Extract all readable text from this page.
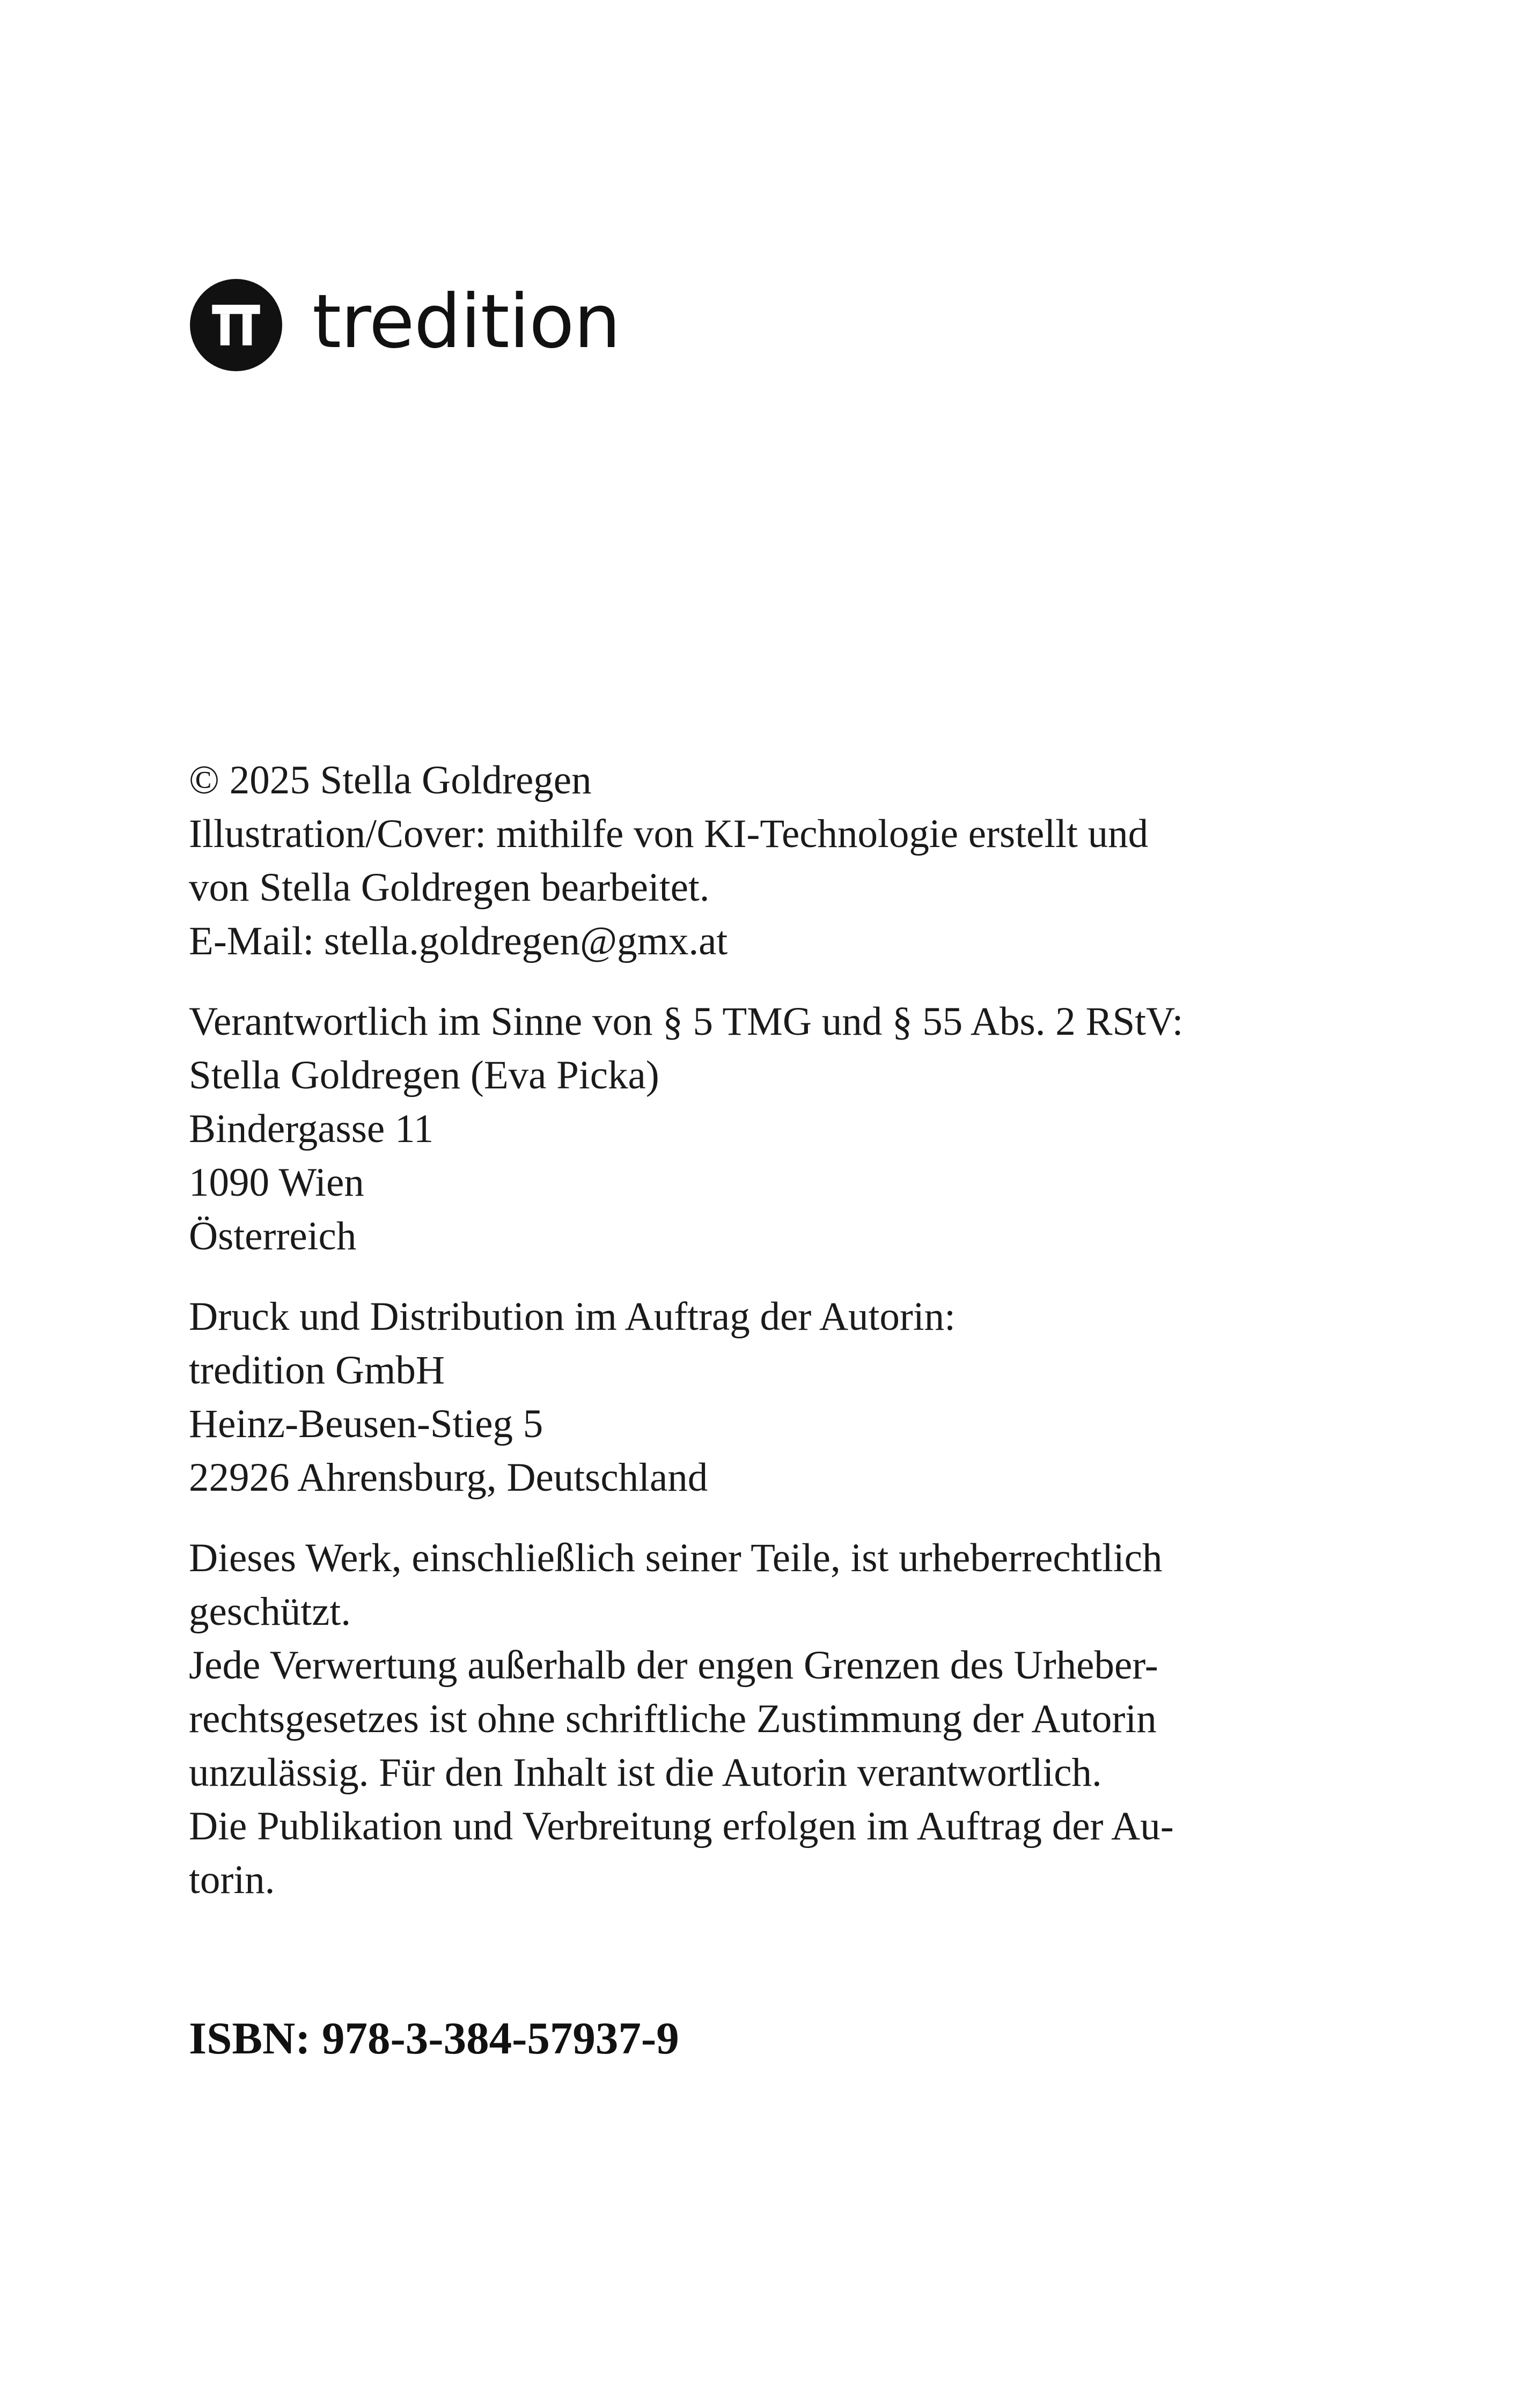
tredition
© 2025 Stella Goldregen
Illustration/Cover: mithilfe von KI-Technologie erstellt und
von Stella Goldregen bearbeitet.
E-Mail: stella.goldregen@gmx.at
Verantwortlich im Sinne von § 5 TMG und § 55 Abs. 2 RStV:
Stella Goldregen (Eva Picka)
Bindergasse 11
1090 Wien
Österreich
Druck und Distribution im Auftrag der Autorin:
tredition GmbH
Heinz-Beusen-Stieg 5
22926 Ahrensburg, Deutschland
Dieses Werk, einschließlich seiner Teile, ist urheberrechtlich
geschützt.
Jede Verwertung außerhalb der engen Grenzen des Urheber-
rechtsgesetzes ist ohne schriftliche Zustimmung der Autorin
unzulässig. Für den Inhalt ist die Autorin verantwortlich.
Die Publikation und Verbreitung erfolgen im Auftrag der Au-
torin.
ISBN: 978-3-384-57937-9
